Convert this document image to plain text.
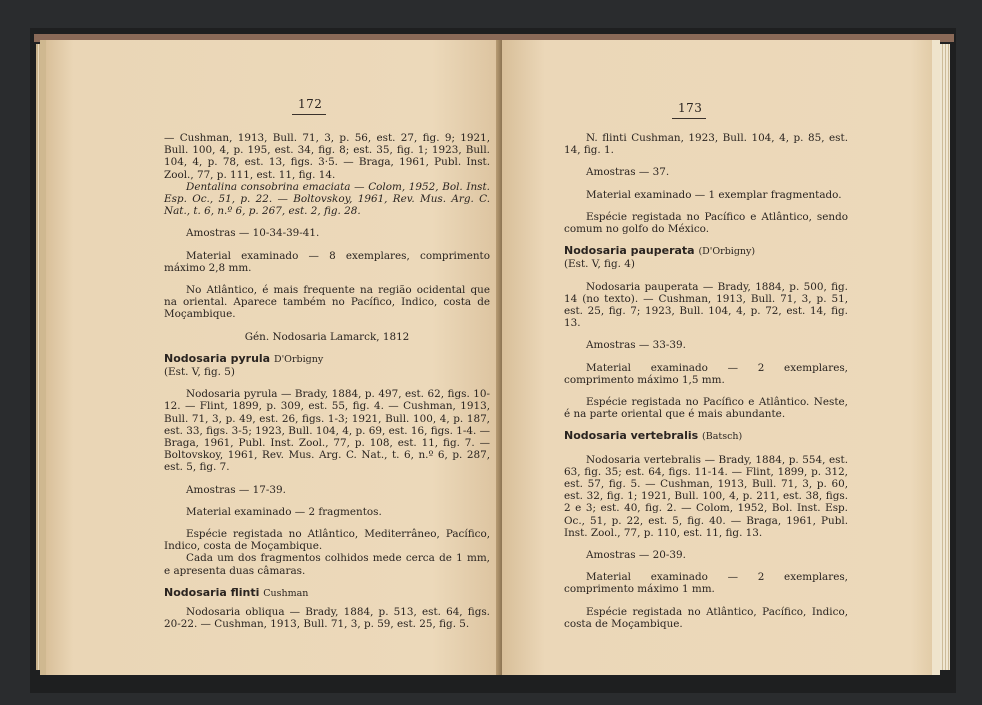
172

— Cushman, 1913, Bull. 71, 3, p. 56, est. 27, fig. 9; 1921, Bull. 100, 4, p. 195, est. 34, fig. 8; est. 35, fig. 1; 1923, Bull. 104, 4, p. 78, est. 13, figs. 3·5. — Braga, 1961, Publ. Inst. Zool., 77, p. 111, est. 11, fig. 14.

Dentalina consobrina emaciata — Colom, 1952, Bol. Inst. Esp. Oc., 51, p. 22. — Boltovskoy, 1961, Rev. Mus. Arg. C. Nat., t. 6, n.º 6, p. 267, est. 2, fig. 28.

Amostras — 10-34-39-41.

Material examinado — 8 exemplares, comprimento máximo 2,8 mm.

No Atlântico, é mais frequente na região ocidental que na oriental. Aparece também no Pacífico, Indico, costa de Moçambique.

Gén. Nodosaria Lamarck, 1812

Nodosaria pyrula D'Orbigny

(Est. V, fig. 5)

Nodosaria pyrula — Brady, 1884, p. 497, est. 62, figs. 10-12. — Flint, 1899, p. 309, est. 55, fig. 4. — Cushman, 1913, Bull. 71, 3, p. 49, est. 26, figs. 1-3; 1921, Bull. 100, 4, p. 187, est. 33, figs. 3-5; 1923, Bull. 104, 4, p. 69, est. 16, figs. 1-4. — Braga, 1961, Publ. Inst. Zool., 77, p. 108, est. 11, fig. 7. — Boltovskoy, 1961, Rev. Mus. Arg. C. Nat., t. 6, n.º 6, p. 287, est. 5, fig. 7.

Amostras — 17-39.

Material examinado — 2 fragmentos.

Espécie registada no Atlântico, Mediterrâneo, Pacífico, Indico, costa de Moçambique.

Cada um dos fragmentos colhidos mede cerca de 1 mm, e apresenta duas câmaras.

Nodosaria flinti Cushman

Nodosaria obliqua — Brady, 1884, p. 513, est. 64, figs. 20-22. — Cushman, 1913, Bull. 71, 3, p. 59, est. 25, fig. 5.

173

N. flinti Cushman, 1923, Bull. 104, 4, p. 85, est. 14, fig. 1.

Amostras — 37.

Material examinado — 1 exemplar fragmentado.

Espécie registada no Pacífico e Atlântico, sendo comum no golfo do México.

Nodosaria pauperata (D'Orbigny)

(Est. V, fig. 4)

Nodosaria pauperata — Brady, 1884, p. 500, fig. 14 (no texto). — Cushman, 1913, Bull. 71, 3, p. 51, est. 25, fig. 7; 1923, Bull. 104, 4, p. 72, est. 14, fig. 13.

Amostras — 33-39.

Material examinado — 2 exemplares, comprimento máximo 1,5 mm.

Espécie registada no Pacífico e Atlântico. Neste, é na parte oriental que é mais abundante.

Nodosaria vertebralis (Batsch)

Nodosaria vertebralis — Brady, 1884, p. 554, est. 63, fig. 35; est. 64, figs. 11-14. — Flint, 1899, p. 312, est. 57, fig. 5. — Cushman, 1913, Bull. 71, 3, p. 60, est. 32, fig. 1; 1921, Bull. 100, 4, p. 211, est. 38, figs. 2 e 3; est. 40, fig. 2. — Colom, 1952, Bol. Inst. Esp. Oc., 51, p. 22, est. 5, fig. 40. — Braga, 1961, Publ. Inst. Zool., 77, p. 110, est. 11, fig. 13.

Amostras — 20-39.

Material examinado — 2 exemplares, comprimento máximo 1 mm.

Espécie registada no Atlântico, Pacífico, Indico, costa de Moçambique.
